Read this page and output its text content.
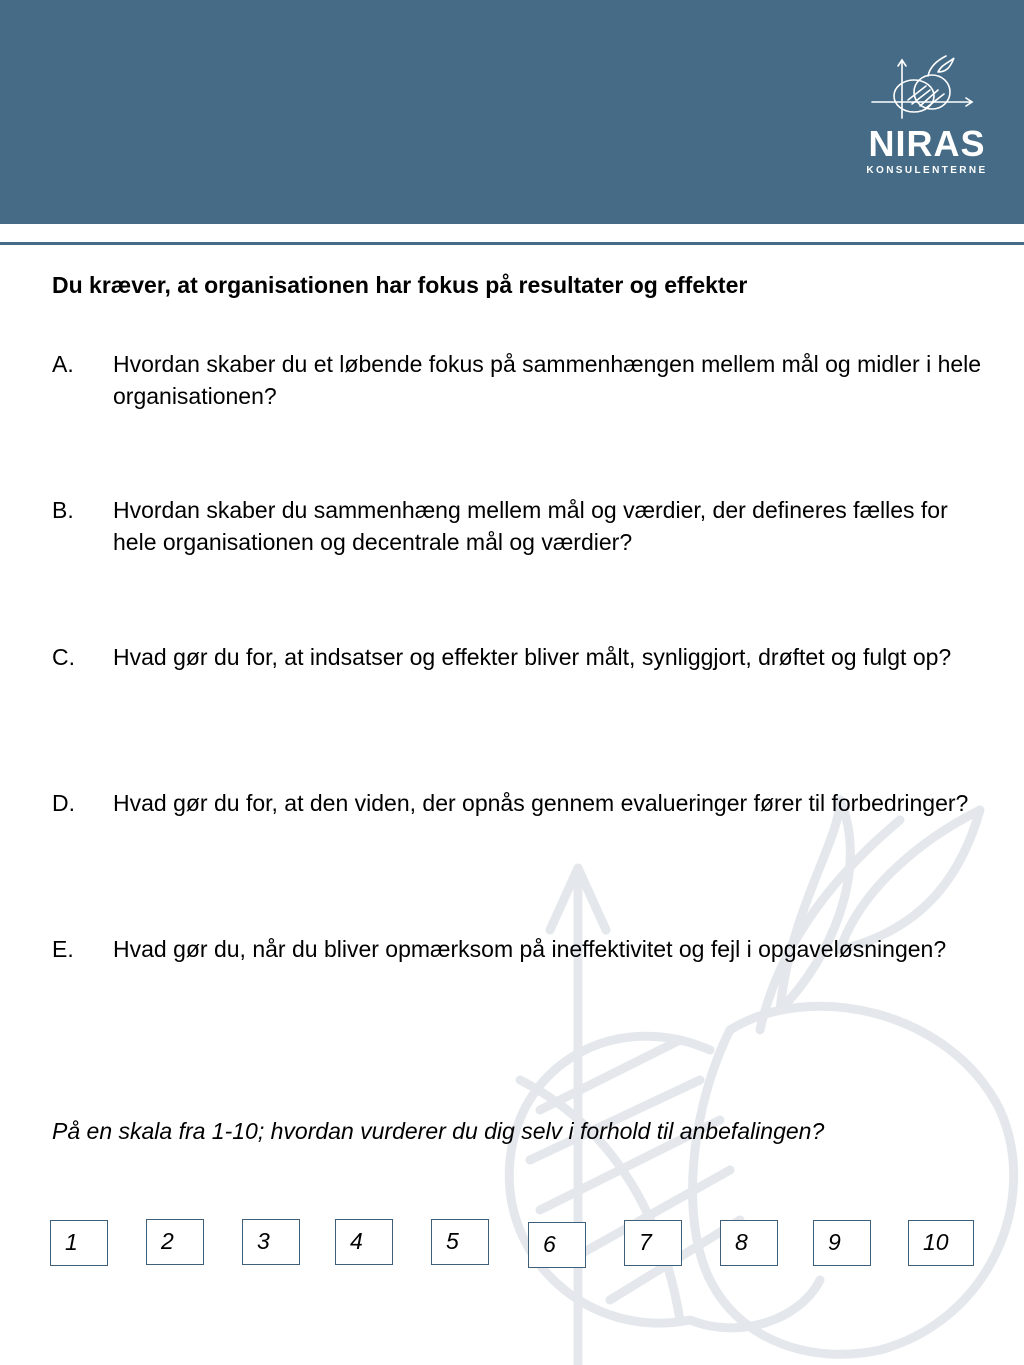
NIRAS
KONSULENTERNE
Du kræver, at organisationen har fokus på resultater og effekter
A. Hvordan skaber du et løbende fokus på sammenhængen mellem mål og midler i hele organisationen?
B. Hvordan skaber du sammenhæng mellem mål og værdier, der defineres fælles for hele organisationen og decentrale mål og værdier?
C. Hvad gør du for, at indsatser og effekter bliver målt, synliggjort, drøftet og fulgt op?
D. Hvad gør du for, at den viden, der opnås gennem evalueringer fører til forbedringer?
E. Hvad gør du, når du bliver opmærksom på ineffektivitet og fejl i opgaveløsningen?
På en skala fra 1-10; hvordan vurderer du dig selv i forhold til anbefalingen?
1	2	3	4	5	6	7	8	9	10
